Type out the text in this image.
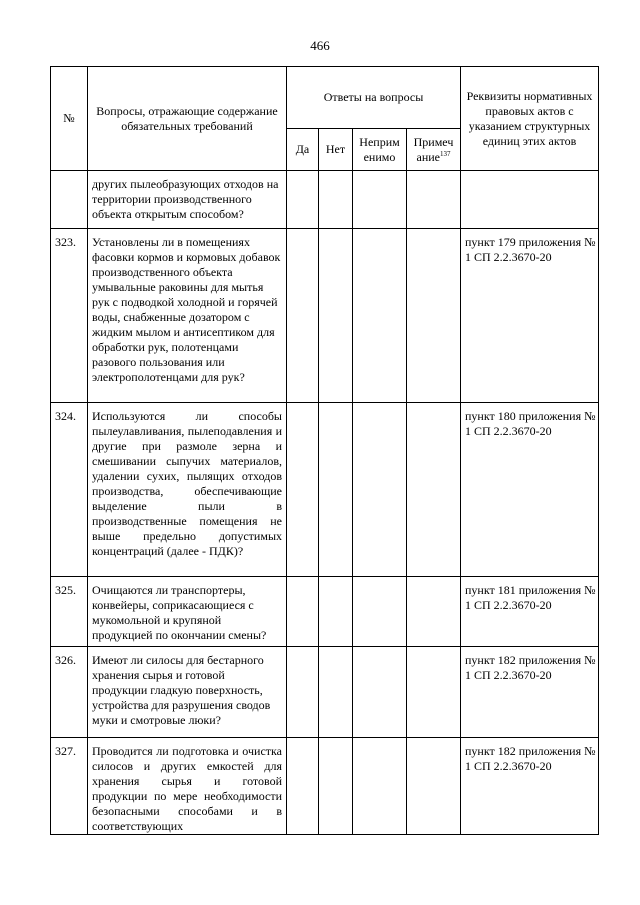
466
№	Вопросы, отражающие содержание обязательных требований	Ответы на вопросы				Реквизиты нормативных правовых актов с указанием структурных единиц этих актов
		Да	Нет	Неприм енимо	Примеч ание$^{137}$
	других пылеобразующих отходов на территории производственного объекта открытым способом?					
323.	Установлены ли в помещениях фасовки кормов и кормовых добавок производственного объекта умывальные раковины для мытья рук с подводкой холодной и горячей воды, снабженные дозатором с жидким мылом и антисептиком для обработки рук, полотенцами разового пользования или электрополотенцами для рук?					пункт 179 приложения № 1 СП 2.2.3670-20
324.	Используются ли способы пылеулавливания, пылеподавления и другие при размоле зерна и смешивании сыпучих материалов, удалении сухих, пылящих отходов производства, обеспечивающие выделение пыли в производственные помещения не выше предельно допустимых концентраций (далее - ПДК)?					пункт 180 приложения № 1 СП 2.2.3670-20
325.	Очищаются ли транспортеры, конвейеры, соприкасающиеся с мукомольной и крупяной продукцией по окончании смены?					пункт 181 приложения № 1 СП 2.2.3670-20
326.	Имеют ли силосы для бестарного хранения сырья и готовой продукции гладкую поверхность, устройства для разрушения сводов муки и смотровые люки?					пункт 182 приложения № 1 СП 2.2.3670-20
327.	Проводится ли подготовка и очистка силосов и других емкостей для хранения сырья и готовой продукции по мере необходимости безопасными способами и в соответствующих					пункт 182 приложения № 1 СП 2.2.3670-20
